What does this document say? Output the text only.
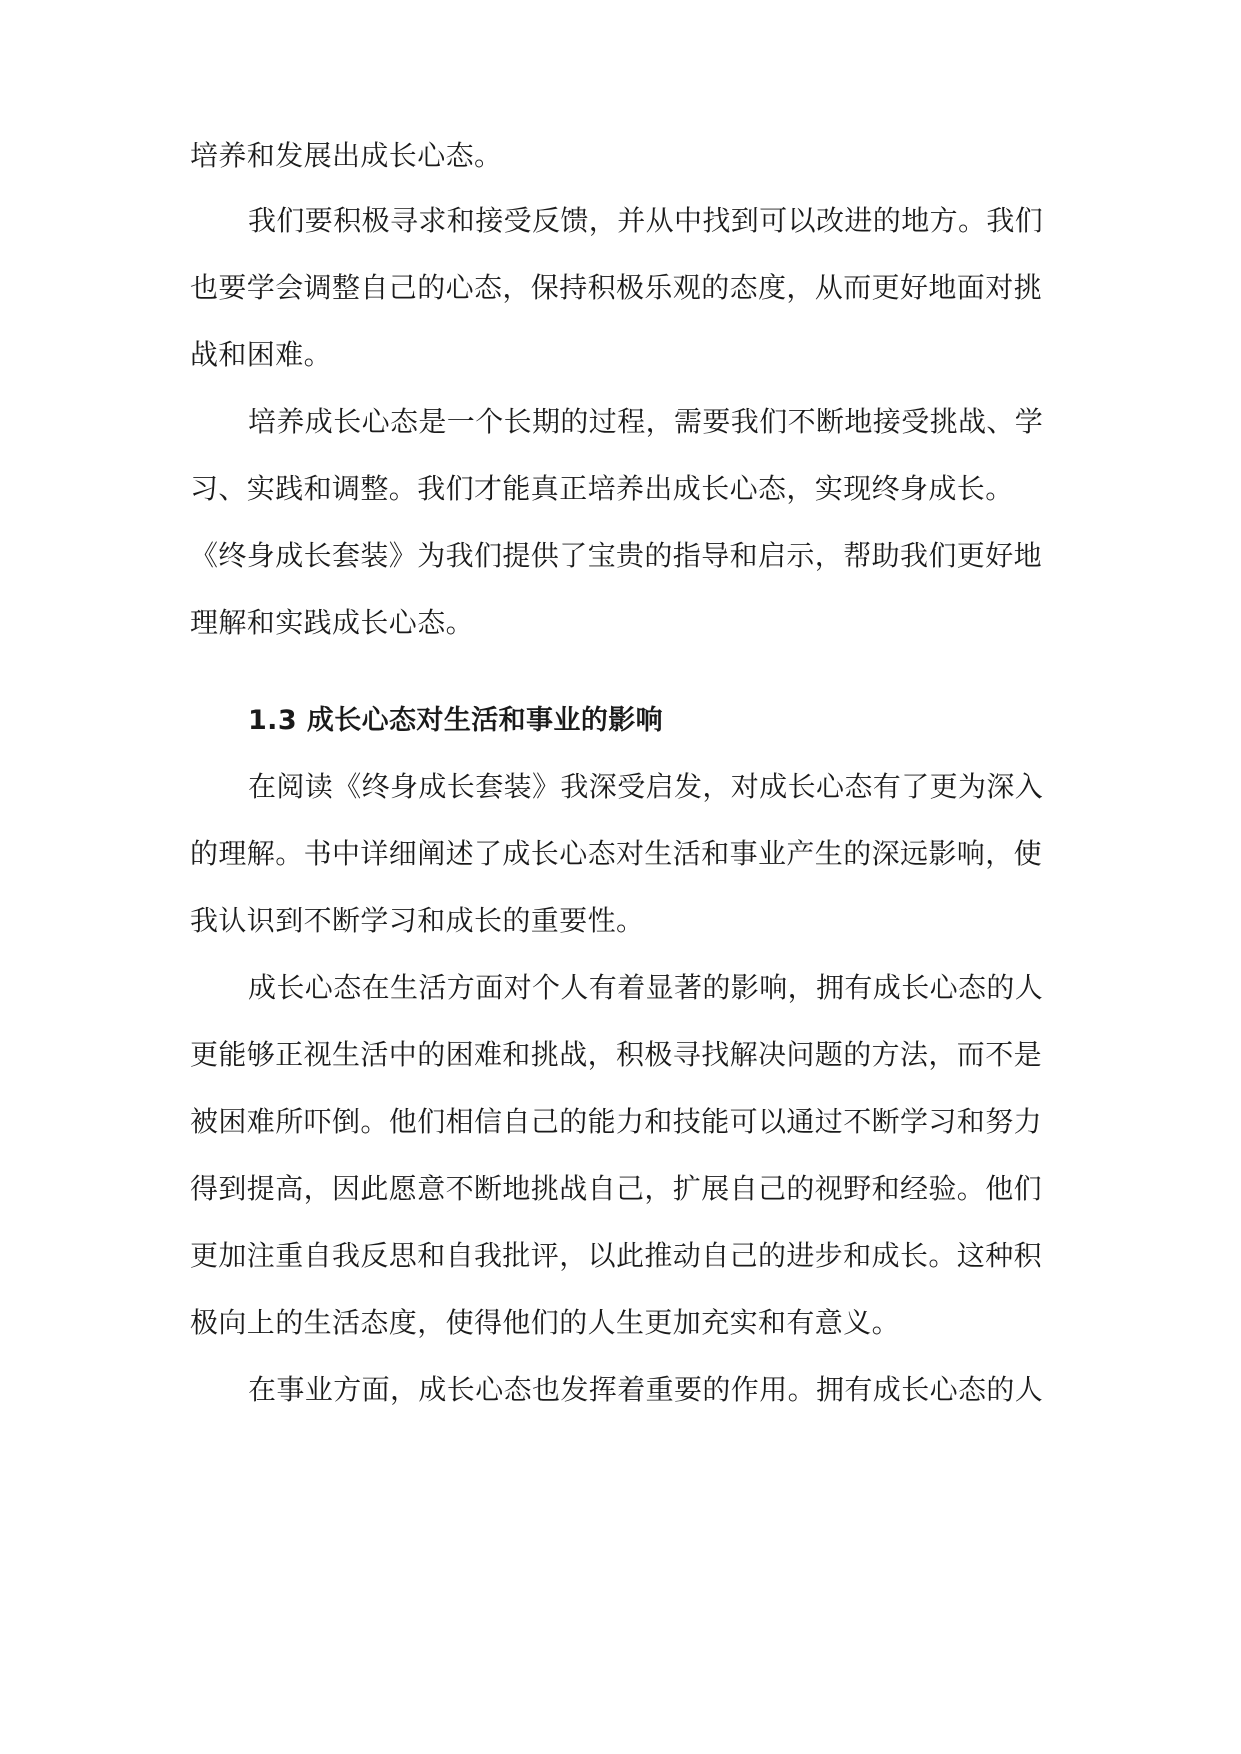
培养和发展出成长心态。
我们要积极寻求和接受反馈，并从中找到可以改进的地方。我们
也要学会调整自己的心态，保持积极乐观的态度，从而更好地面对挑
战和困难。
培养成长心态是一个长期的过程，需要我们不断地接受挑战、学
习、实践和调整。我们才能真正培养出成长心态，实现终身成长。
《终身成长套装》为我们提供了宝贵的指导和启示，帮助我们更好地
理解和实践成长心态。
1.3 成长心态对生活和事业的影响
在阅读《终身成长套装》我深受启发，对成长心态有了更为深入
的理解。书中详细阐述了成长心态对生活和事业产生的深远影响，使
我认识到不断学习和成长的重要性。
成长心态在生活方面对个人有着显著的影响，拥有成长心态的人
更能够正视生活中的困难和挑战，积极寻找解决问题的方法，而不是
被困难所吓倒。他们相信自己的能力和技能可以通过不断学习和努力
得到提高，因此愿意不断地挑战自己，扩展自己的视野和经验。他们
更加注重自我反思和自我批评，以此推动自己的进步和成长。这种积
极向上的生活态度，使得他们的人生更加充实和有意义。
在事业方面，成长心态也发挥着重要的作用。拥有成长心态的人
